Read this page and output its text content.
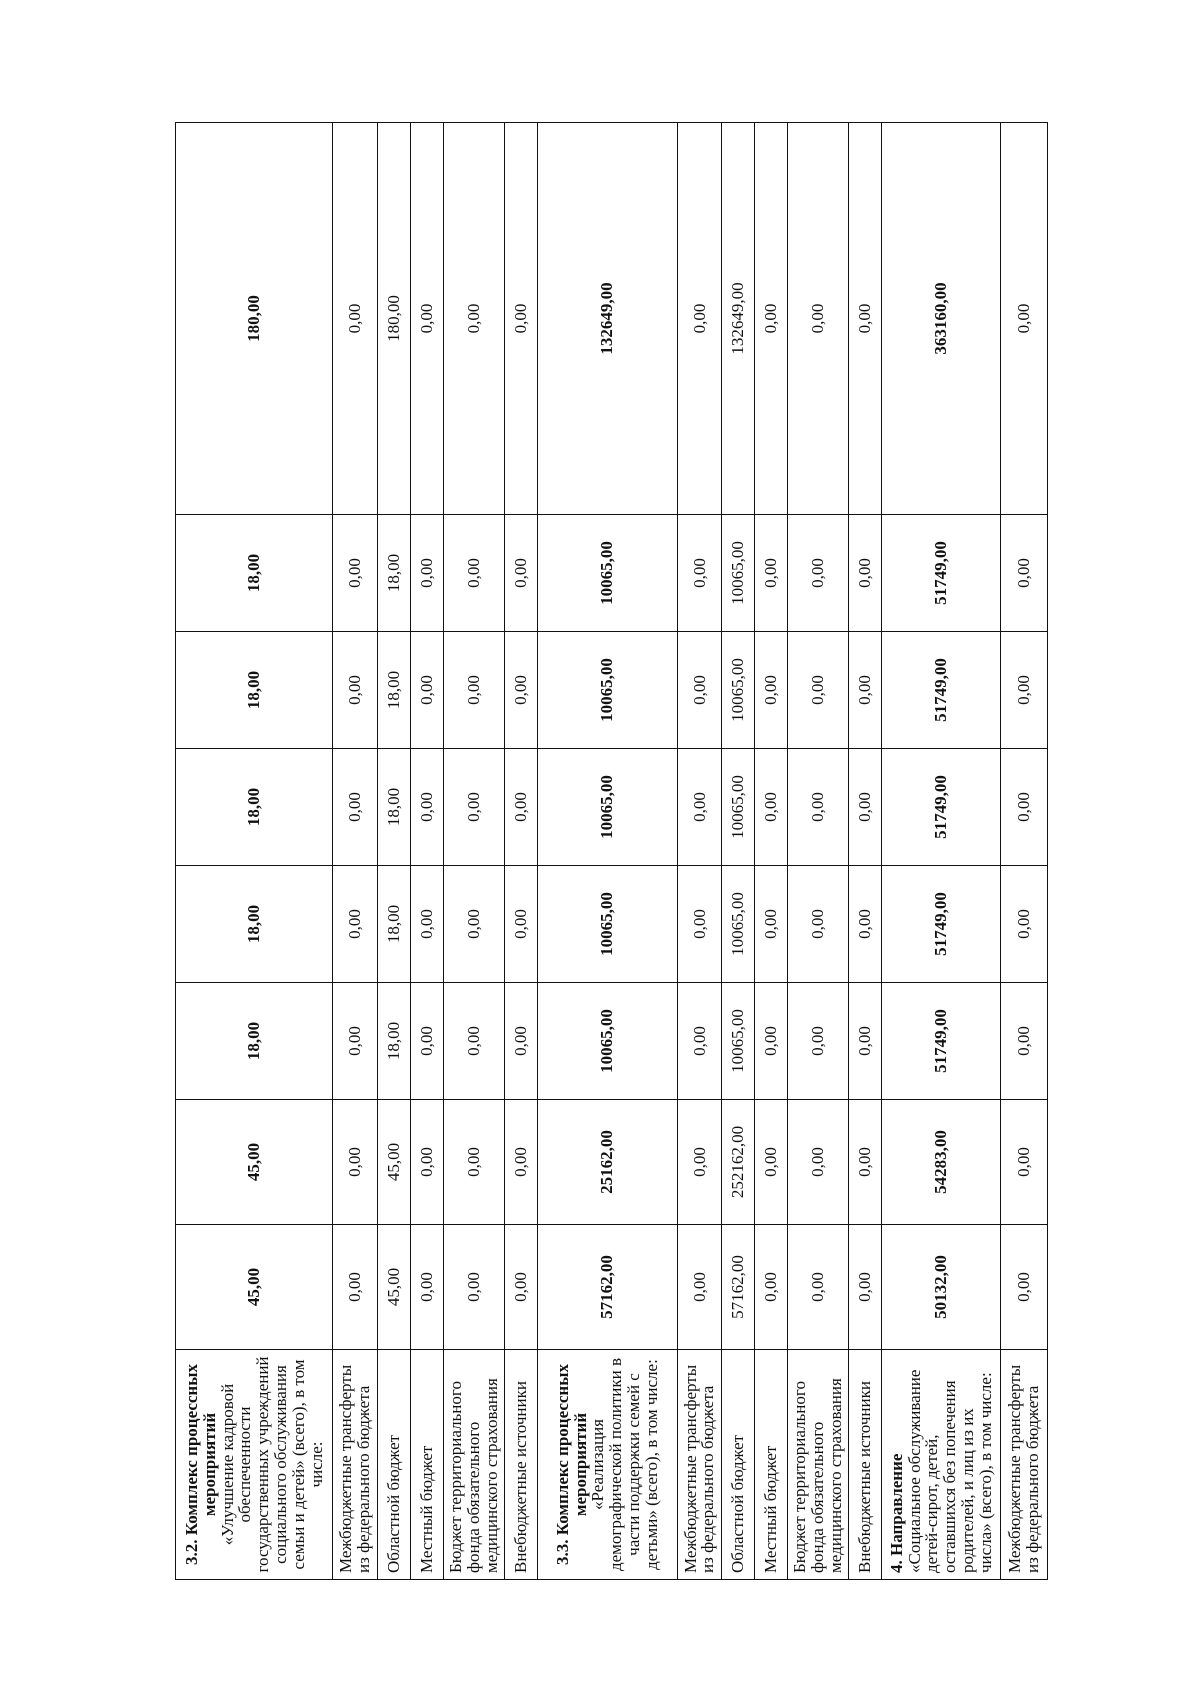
3.2. Комплекс процессных мероприятий
«Улучшение кадровой обеспеченности государственных учреждений социального обслуживания семьи и детей» (всего), в том числе:	45,00	45,00	18,00	18,00	18,00	18,00	18,00	180,00
Межбюджетные трансферты из федерального бюджета	0,00	0,00	0,00	0,00	0,00	0,00	0,00	0,00
Областной бюджет	45,00	45,00	18,00	18,00	18,00	18,00	18,00	180,00
Местный бюджет	0,00	0,00	0,00	0,00	0,00	0,00	0,00	0,00
Бюджет территориального фонда обязательного медицинского страхования	0,00	0,00	0,00	0,00	0,00	0,00	0,00	0,00
Внебюджетные источники	0,00	0,00	0,00	0,00	0,00	0,00	0,00	0,00

3.3. Комплекс процессных мероприятий
«Реализация демографической политики в части поддержки семей с детьми» (всего), в том числе:	57162,00	25162,00	10065,00	10065,00	10065,00	10065,00	10065,00	132649,00
Межбюджетные трансферты из федерального бюджета	0,00	0,00	0,00	0,00	0,00	0,00	0,00	0,00
Областной бюджет	57162,00	252162,00	10065,00	10065,00	10065,00	10065,00	10065,00	132649,00
Местный бюджет	0,00	0,00	0,00	0,00	0,00	0,00	0,00	0,00
Бюджет территориального фонда обязательного медицинского страхования	0,00	0,00	0,00	0,00	0,00	0,00	0,00	0,00
Внебюджетные источники	0,00	0,00	0,00	0,00	0,00	0,00	0,00	0,00
4. Направление «Социальное обслуживание детей-сирот, детей, оставшихся без попечения родителей, и лиц из их числа» (всего), в том числе:	50132,00	54283,00	51749,00	51749,00	51749,00	51749,00	51749,00	363160,00
Межбюджетные трансферты из федерального бюджета	0,00	0,00	0,00	0,00	0,00	0,00	0,00	0,00
